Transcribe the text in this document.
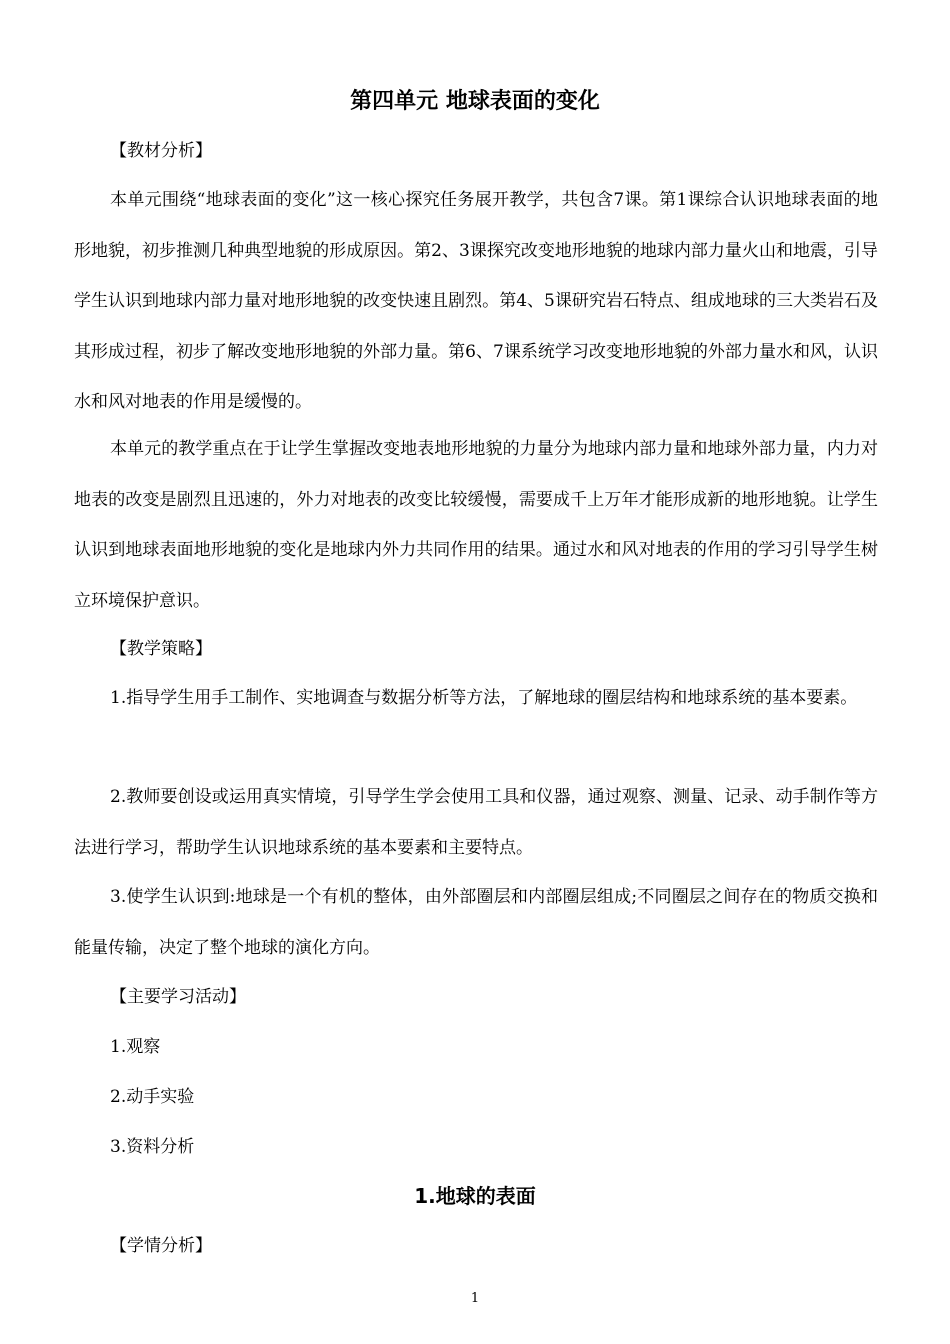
第四单元 地球表面的变化
【教材分析】

本单元围绕“地球表面的变化”这一核心探究任务展开教学，共包含7课。第1课综合认识地球表面的地形地貌，初步推测几种典型地貌的形成原因。第2、3课探究改变地形地貌的地球内部力量火山和地震，引导学生认识到地球内部力量对地形地貌的改变快速且剧烈。第4、5课研究岩石特点、组成地球的三大类岩石及其形成过程，初步了解改变地形地貌的外部力量。第6、7课系统学习改变地形地貌的外部力量水和风，认识水和风对地表的作用是缓慢的。

本单元的教学重点在于让学生掌握改变地表地形地貌的力量分为地球内部力量和地球外部力量，内力对地表的改变是剧烈且迅速的，外力对地表的改变比较缓慢，需要成千上万年才能形成新的地形地貌。让学生认识到地球表面地形地貌的变化是地球内外力共同作用的结果。通过水和风对地表的作用的学习引导学生树立环境保护意识。

【教学策略】

1.指导学生用手工制作、实地调查与数据分析等方法，了解地球的圈层结构和地球系统的基本要素。

2.教师要创设或运用真实情境，引导学生学会使用工具和仪器，通过观察、测量、记录、动手制作等方法进行学习，帮助学生认识地球系统的基本要素和主要特点。

3.使学生认识到:地球是一个有机的整体，由外部圈层和内部圈层组成;不同圈层之间存在的物质交换和能量传输，决定了整个地球的演化方向。

【主要学习活动】
1.观察
2.动手实验
3.资料分析
1.地球的表面
【学情分析】
1
